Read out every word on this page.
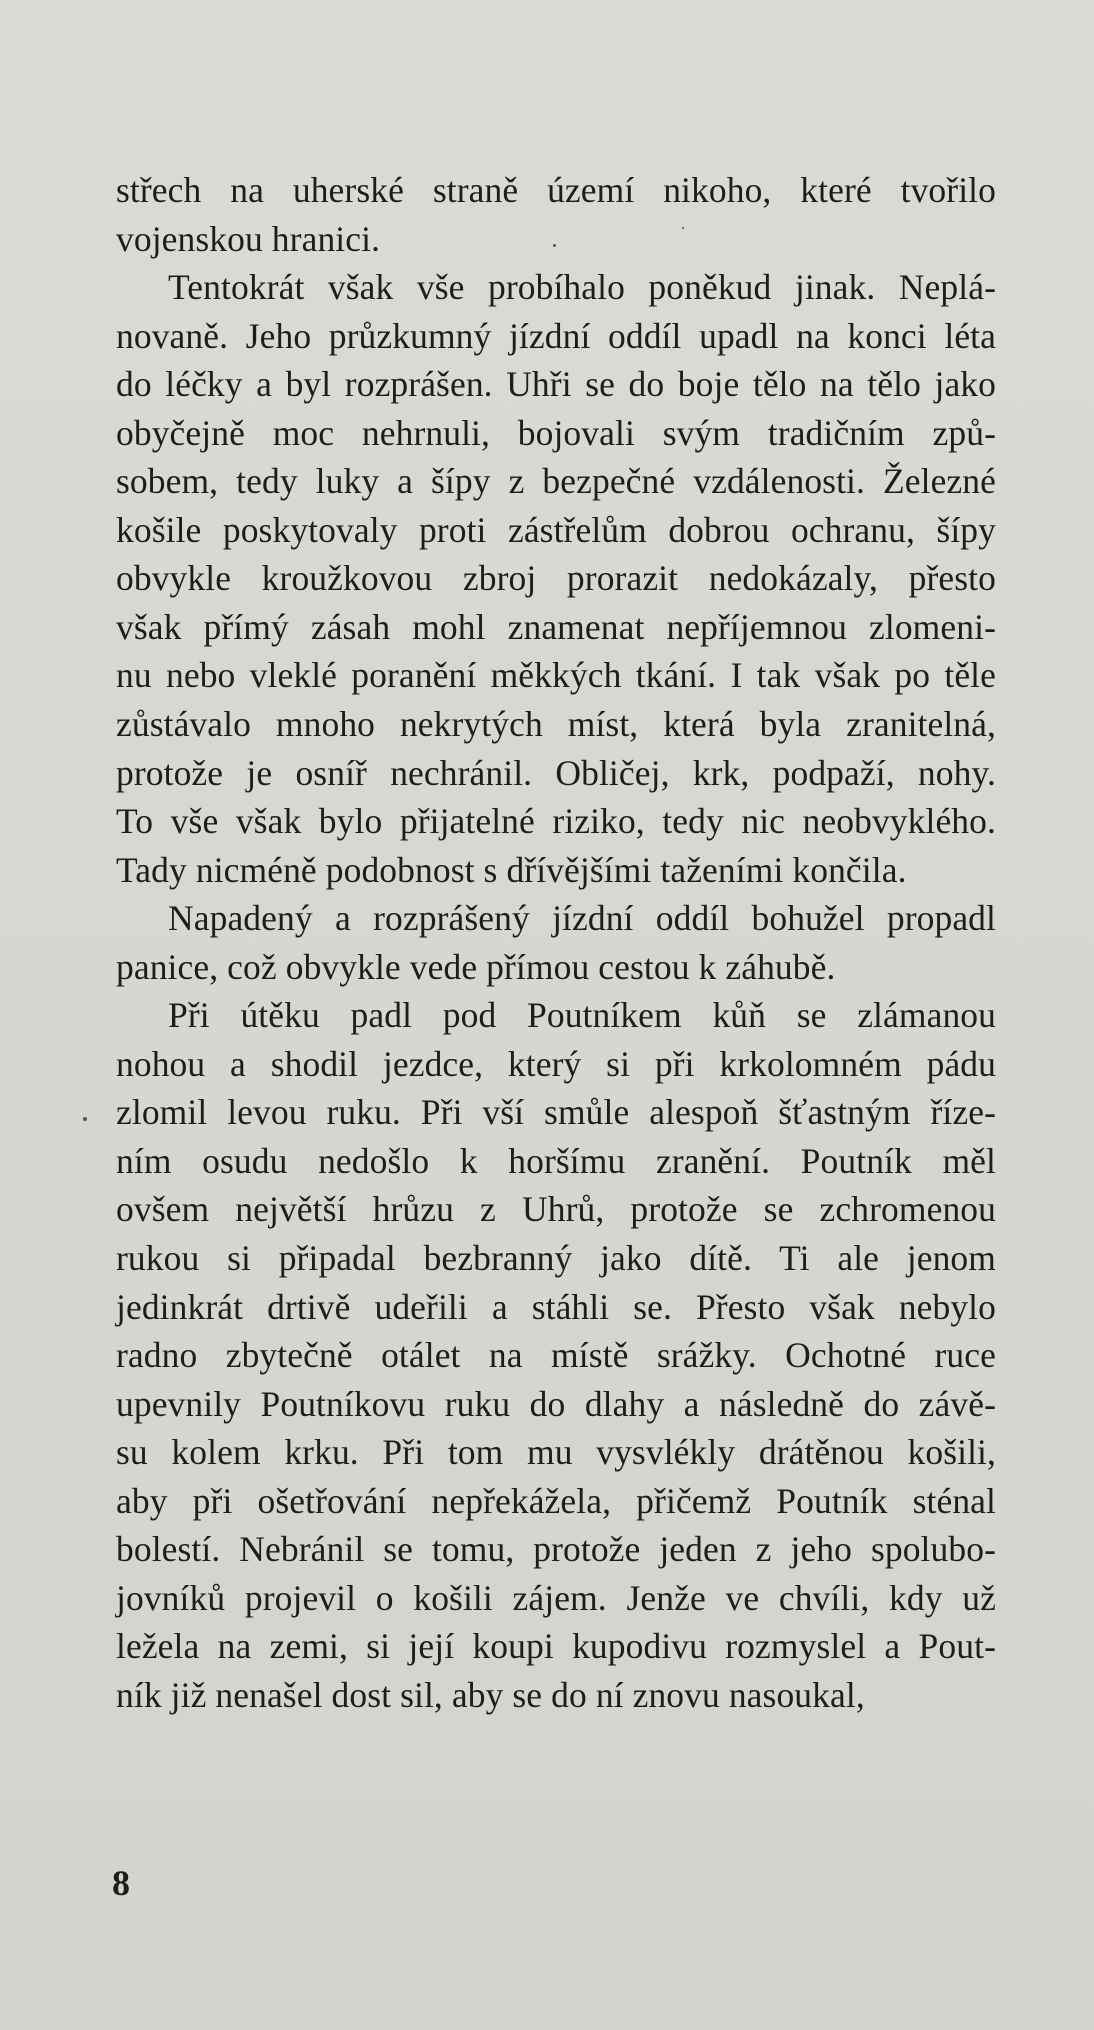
střech na uherské straně území nikoho, které tvořilo
vojenskou hranici.
Tentokrát však vše probíhalo poněkud jinak. Neplá-
novaně. Jeho průzkumný jízdní oddíl upadl na konci léta
do léčky a byl rozprášen. Uhři se do boje tělo na tělo jako
obyčejně moc nehrnuli, bojovali svým tradičním způ-
sobem, tedy luky a šípy z bezpečné vzdálenosti. Železné
košile poskytovaly proti zástřelům dobrou ochranu, šípy
obvykle kroužkovou zbroj prorazit nedokázaly, přesto
však přímý zásah mohl znamenat nepříjemnou zlomeni-
nu nebo vleklé poranění měkkých tkání. I tak však po těle
zůstávalo mnoho nekrytých míst, která byla zranitelná,
protože je osníř nechránil. Obličej, krk, podpaží, nohy.
To vše však bylo přijatelné riziko, tedy nic neobvyklého.
Tady nicméně podobnost s dřívějšími taženími končila.
Napadený a rozprášený jízdní oddíl bohužel propadl
panice, což obvykle vede přímou cestou k záhubě.
Při útěku padl pod Poutníkem kůň se zlámanou
nohou a shodil jezdce, který si při krkolomném pádu
zlomil levou ruku. Při vší smůle alespoň šťastným říze-
ním osudu nedošlo k horšímu zranění. Poutník měl
ovšem největší hrůzu z Uhrů, protože se zchromenou
rukou si připadal bezbranný jako dítě. Ti ale jenom
jedinkrát drtivě udeřili a stáhli se. Přesto však nebylo
radno zbytečně otálet na místě srážky. Ochotné ruce
upevnily Poutníkovu ruku do dlahy a následně do závě-
su kolem krku. Při tom mu vysvlékly drátěnou košili,
aby při ošetřování nepřekážela, přičemž Poutník sténal
bolestí. Nebránil se tomu, protože jeden z jeho spolubo-
jovníků projevil o košili zájem. Jenže ve chvíli, kdy už
ležela na zemi, si její koupi kupodivu rozmyslel a Pout-
ník již nenašel dost sil, aby se do ní znovu nasoukal,
8
